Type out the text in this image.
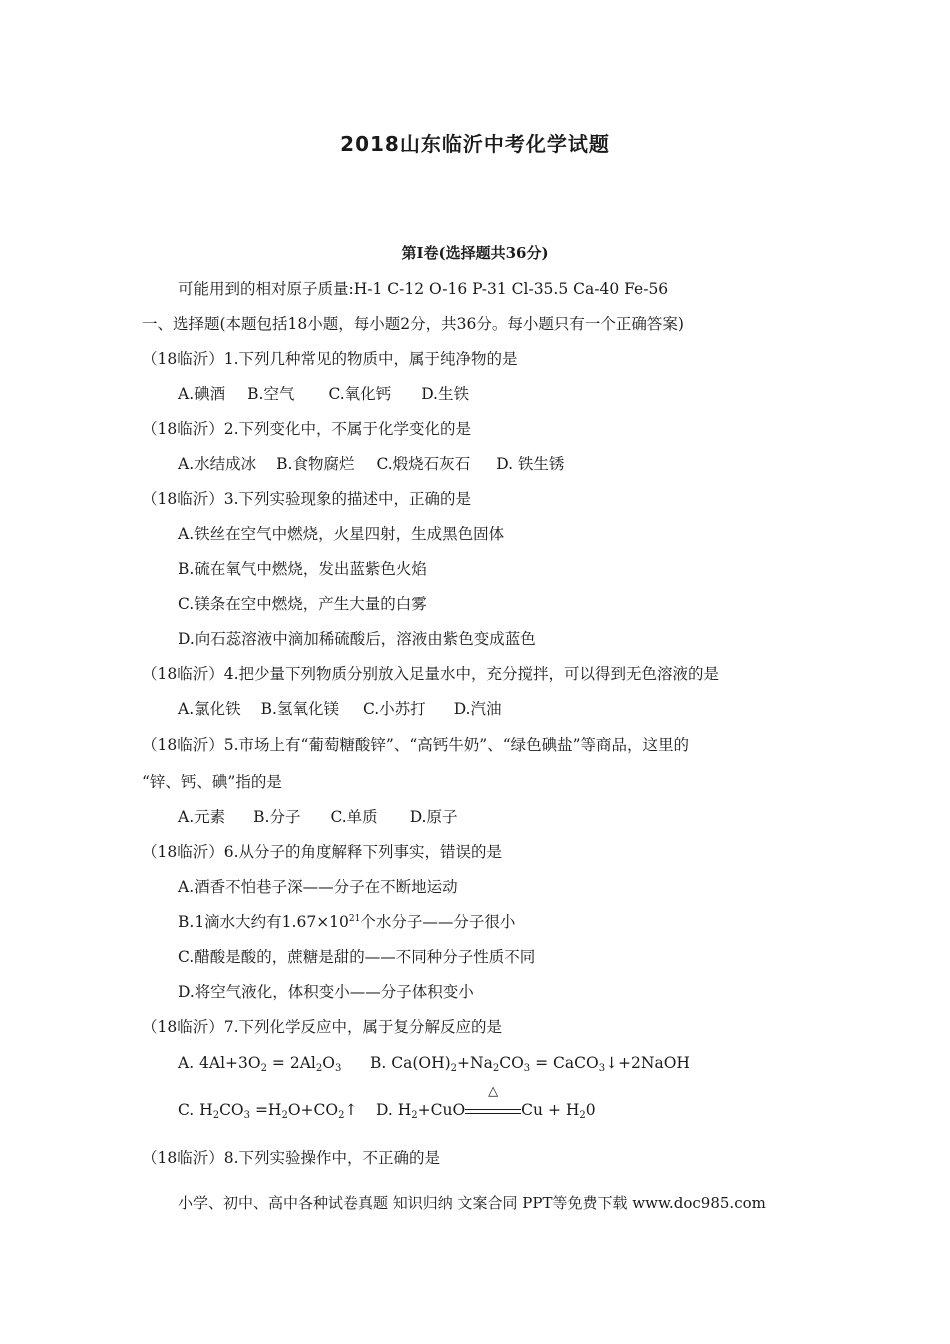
2018山东临沂中考化学试题
第I卷(选择题共36分)
可能用到的相对原子质量:H-1 C-12 O-16 P-31 Cl-35.5 Ca-40 Fe-56
一、选择题(本题包括18小题，每小题2分，共36分。每小题只有一个正确答案)
（18临沂）1.下列几种常见的物质中，属于纯净物的是
A.碘酒 B.空气 C.氧化钙 D.生铁
（18临沂）2.下列变化中，不属于化学变化的是
A.水结成冰 B.食物腐烂 C.煅烧石灰石 D. 铁生锈
（18临沂）3.下列实验现象的描述中，正确的是
A.铁丝在空气中燃烧，火星四射，生成黑色固体
B.硫在氧气中燃烧，发出蓝紫色火焰
C.镁条在空中燃烧，产生大量的白雾
D.向石蕊溶液中滴加稀硫酸后，溶液由紫色变成蓝色
（18临沂）4.把少量下列物质分别放入足量水中，充分搅拌，可以得到无色溶液的是
A.氯化铁 B.氢氧化镁 C.小苏打 D.汽油
（18临沂）5.市场上有“葡萄糖酸锌”、“高钙牛奶”、“绿色碘盐”等商品，这里的
“锌、钙、碘”指的是
A.元素 B.分子 C.单质 D.原子
（18临沂）6.从分子的角度解释下列事实，错误的是
A.酒香不怕巷子深——分子在不断地运动
B.1滴水大约有$1.67\times 10^{21}$个水分子——分子很小
C.醋酸是酸的，蔗糖是甜的——不同种分子性质不同
D.将空气液化，体积变小——分子体积变小
（18临沂）7.下列化学反应中，属于复分解反应的是
A. 4Al+3O2 = 2Al2O3 B. Ca(OH)2+Na2CO3 = CaCO3↓+2NaOH
C. H2CO3 =H2O+CO2↑ D. H2+CuO
△
Cu + H20
（18临沂）8.下列实验操作中，不正确的是
小学、初中、高中各种试卷真题 知识归纳 文案合同 PPT等免费下载 www.doc985.com
